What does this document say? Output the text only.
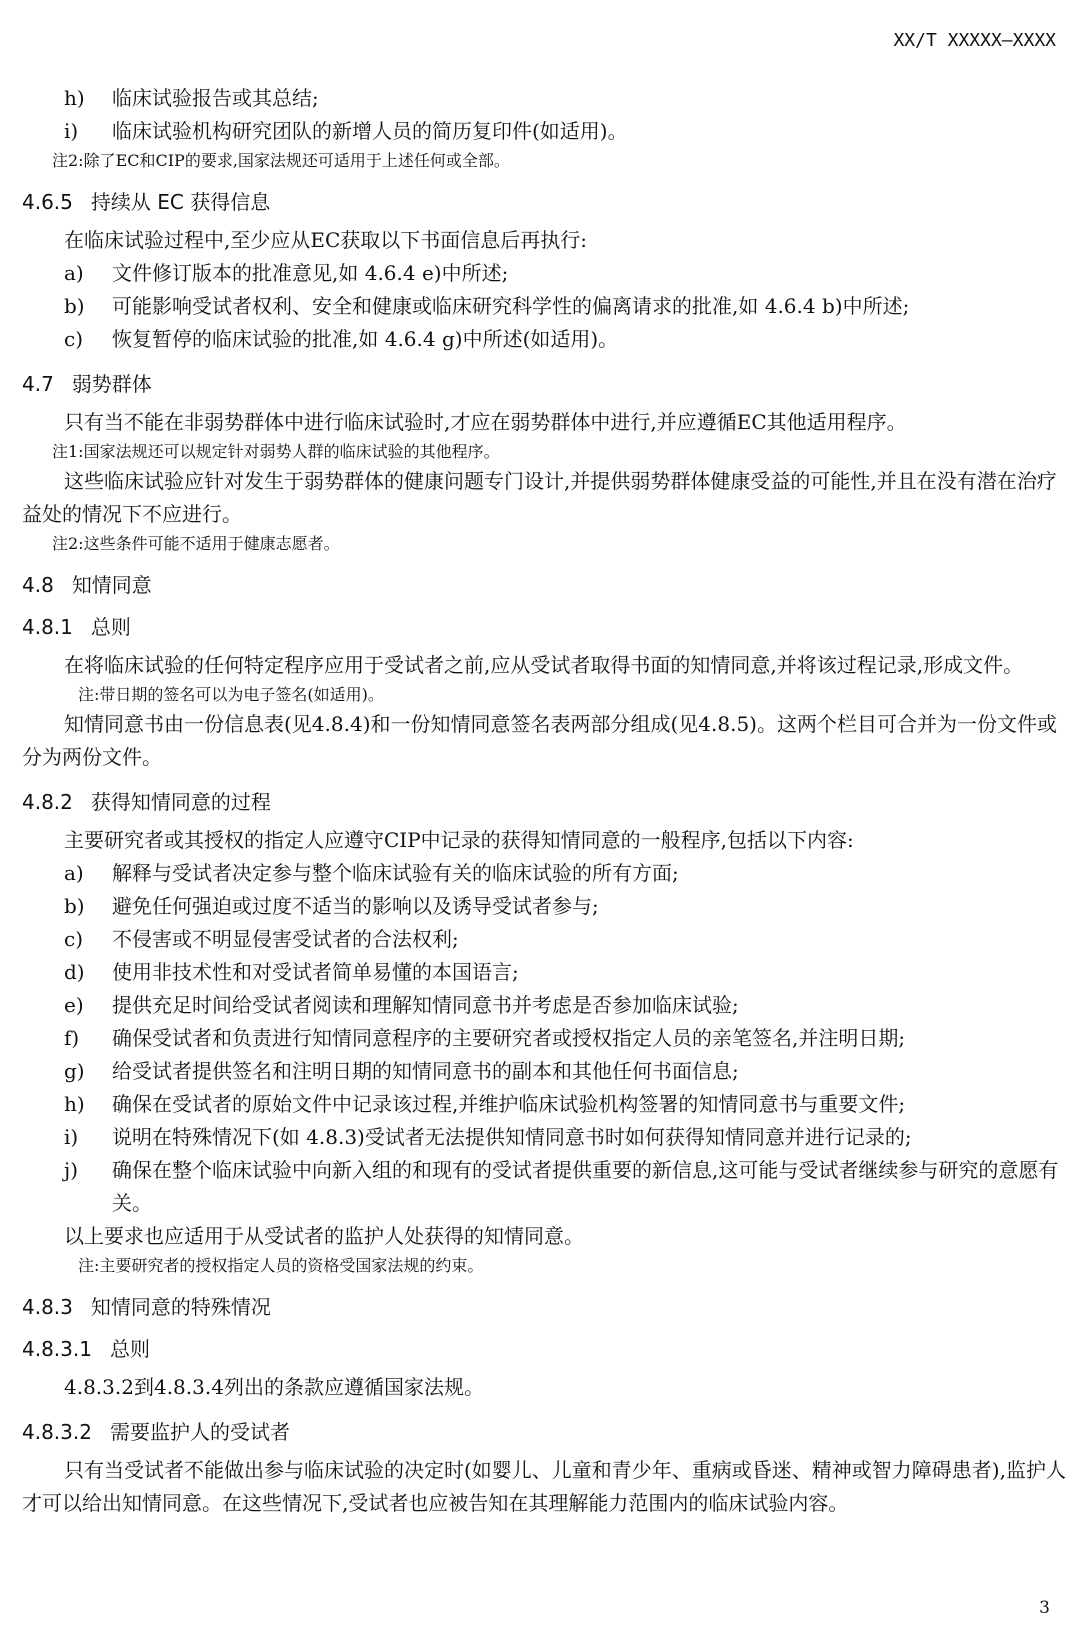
XX/T XXXXX—XXXX
h)	临床试验报告或其总结;
i)	临床试验机构研究团队的新增人员的简历复印件(如适用)。

注2:除了EC和CIP的要求,国家法规还可适用于上述任何或全部。

4.6.5 持续从 EC 获得信息

在临床试验过程中,至少应从EC获取以下书面信息后再执行:

a)	文件修订版本的批准意见,如 4.6.4 e)中所述;
b)	可能影响受试者权利、安全和健康或临床研究科学性的偏离请求的批准,如 4.6.4 b)中所述;
c)	恢复暂停的临床试验的批准,如 4.6.4 g)中所述(如适用)。
4.7 弱势群体

只有当不能在非弱势群体中进行临床试验时,才应在弱势群体中进行,并应遵循EC其他适用程序。

注1:国家法规还可以规定针对弱势人群的临床试验的其他程序。

这些临床试验应针对发生于弱势群体的健康问题专门设计,并提供弱势群体健康受益的可能性,并且在没有潜在治疗益处的情况下不应进行。

注2:这些条件可能不适用于健康志愿者。

4.8 知情同意
4.8.1 总则

在将临床试验的任何特定程序应用于受试者之前,应从受试者取得书面的知情同意,并将该过程记录,形成文件。

注:带日期的签名可以为电子签名(如适用)。

知情同意书由一份信息表(见4.8.4)和一份知情同意签名表两部分组成(见4.8.5)。这两个栏目可合并为一份文件或分为两份文件。

4.8.2 获得知情同意的过程

主要研究者或其授权的指定人应遵守CIP中记录的获得知情同意的一般程序,包括以下内容:

a)	解释与受试者决定参与整个临床试验有关的临床试验的所有方面;
b)	避免任何强迫或过度不适当的影响以及诱导受试者参与;
c)	不侵害或不明显侵害受试者的合法权利;
d)	使用非技术性和对受试者简单易懂的本国语言;
e)	提供充足时间给受试者阅读和理解知情同意书并考虑是否参加临床试验;
f)	确保受试者和负责进行知情同意程序的主要研究者或授权指定人员的亲笔签名,并注明日期;
g)	给受试者提供签名和注明日期的知情同意书的副本和其他任何书面信息;
h)	确保在受试者的原始文件中记录该过程,并维护临床试验机构签署的知情同意书与重要文件;
i)	说明在特殊情况下(如 4.8.3)受试者无法提供知情同意书时如何获得知情同意并进行记录的;
j)	确保在整个临床试验中向新入组的和现有的受试者提供重要的新信息,这可能与受试者继续参与研究的意愿有关。

以上要求也应适用于从受试者的监护人处获得的知情同意。

注:主要研究者的授权指定人员的资格受国家法规的约束。

4.8.3 知情同意的特殊情况
4.8.3.1 总则

4.8.3.2到4.8.3.4列出的条款应遵循国家法规。

4.8.3.2 需要监护人的受试者

只有当受试者不能做出参与临床试验的决定时(如婴儿、儿童和青少年、重病或昏迷、精神或智力障碍患者),监护人才可以给出知情同意。在这些情况下,受试者也应被告知在其理解能力范围内的临床试验内容。

3
